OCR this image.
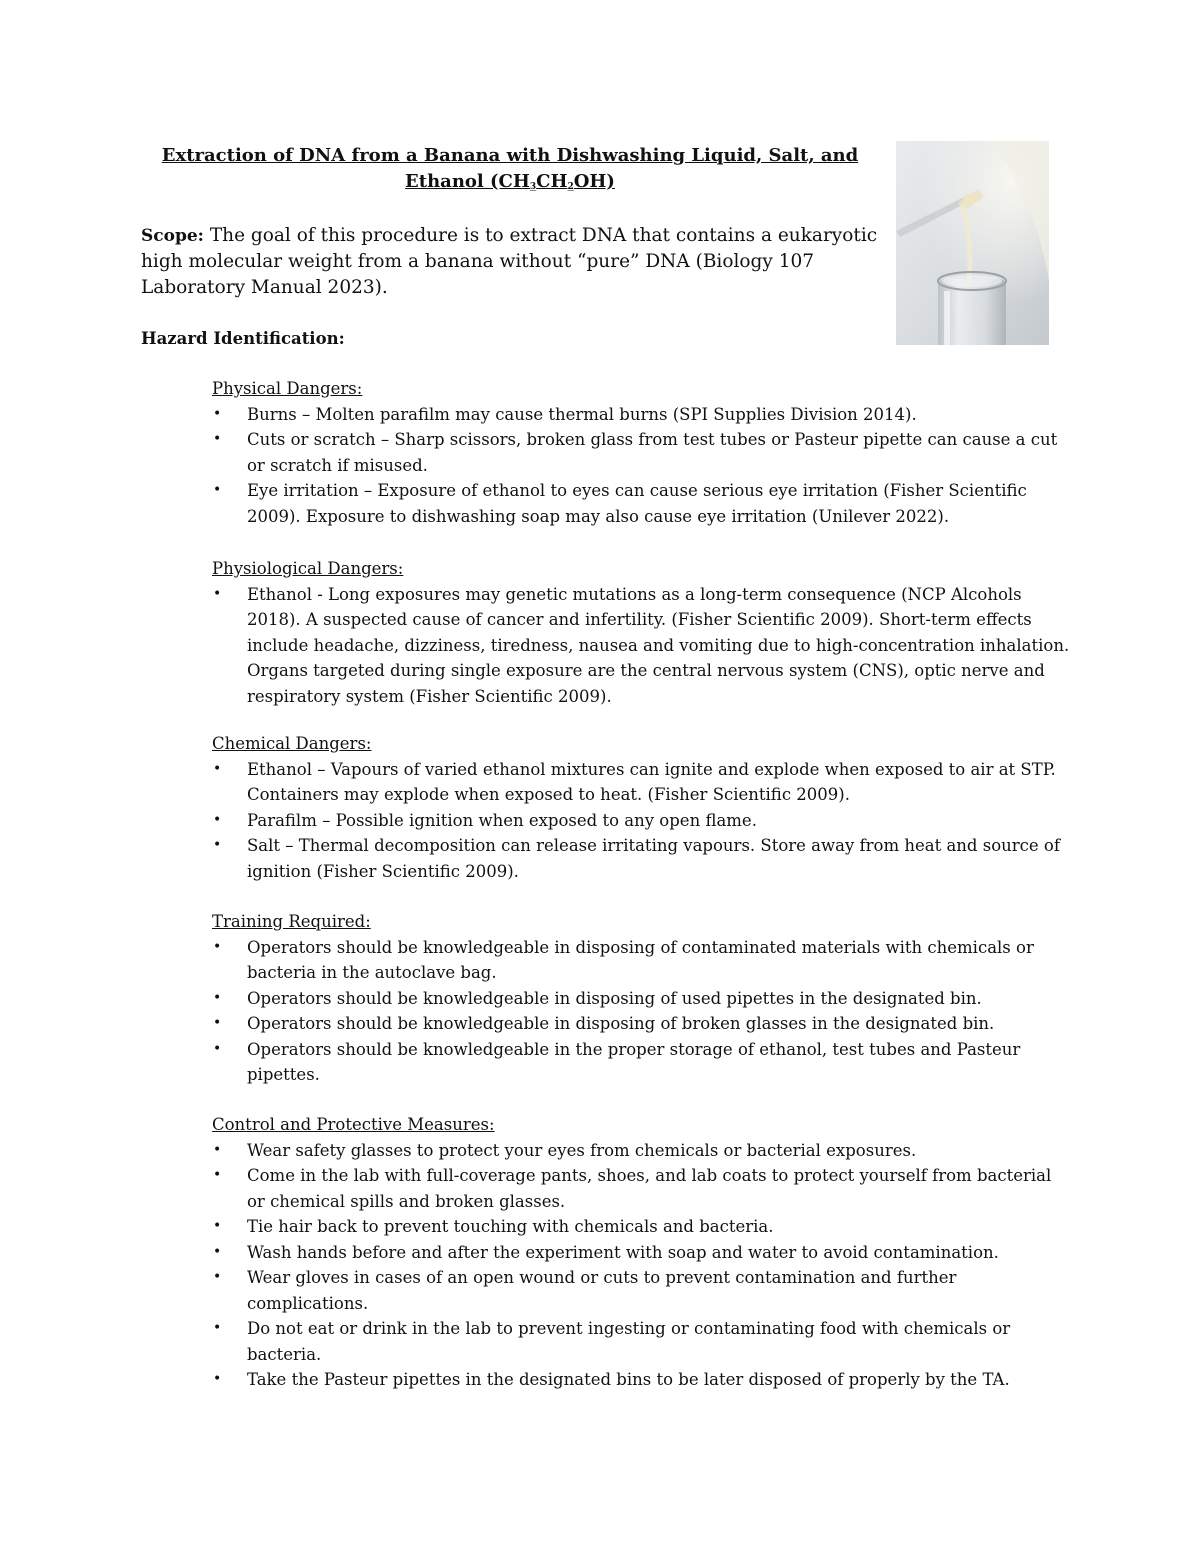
Extraction of DNA from a Banana with Dishwashing Liquid, Salt, and
Ethanol $(CH_3CH_2OH)$

Scope: The goal of this procedure is to extract DNA that contains a eukaryotic high molecular weight from a banana without “pure” DNA (Biology 107 Laboratory Manual 2023).

Hazard Identification:

Physical Dangers:

• Burns – Molten parafilm may cause thermal burns (SPI Supplies Division 2014).
• Cuts or scratch – Sharp scissors, broken glass from test tubes or Pasteur pipette can cause a cut or scratch if misused.
• Eye irritation – Exposure of ethanol to eyes can cause serious eye irritation (Fisher Scientific 2009). Exposure to dishwashing soap may also cause eye irritation (Unilever 2022).

Physiological Dangers:

• Ethanol - Long exposures may genetic mutations as a long-term consequence (NCP Alcohols 2018). A suspected cause of cancer and infertility. (Fisher Scientific 2009). Short-term effects include headache, dizziness, tiredness, nausea and vomiting due to high-concentration inhalation. Organs targeted during single exposure are the central nervous system (CNS), optic nerve and respiratory system (Fisher Scientific 2009).

Chemical Dangers:

• Ethanol – Vapours of varied ethanol mixtures can ignite and explode when exposed to air at STP. Containers may explode when exposed to heat. (Fisher Scientific 2009).
• Parafilm – Possible ignition when exposed to any open flame.
• Salt – Thermal decomposition can release irritating vapours. Store away from heat and source of ignition (Fisher Scientific 2009).

Training Required:

• Operators should be knowledgeable in disposing of contaminated materials with chemicals or bacteria in the autoclave bag.
• Operators should be knowledgeable in disposing of used pipettes in the designated bin.
• Operators should be knowledgeable in disposing of broken glasses in the designated bin.
• Operators should be knowledgeable in the proper storage of ethanol, test tubes and Pasteur pipettes.

Control and Protective Measures:

• Wear safety glasses to protect your eyes from chemicals or bacterial exposures.
• Come in the lab with full-coverage pants, shoes, and lab coats to protect yourself from bacterial or chemical spills and broken glasses.
• Tie hair back to prevent touching with chemicals and bacteria.
• Wash hands before and after the experiment with soap and water to avoid contamination.
• Wear gloves in cases of an open wound or cuts to prevent contamination and further complications.
• Do not eat or drink in the lab to prevent ingesting or contaminating food with chemicals or bacteria.
• Take the Pasteur pipettes in the designated bins to be later disposed of properly by the TA.
